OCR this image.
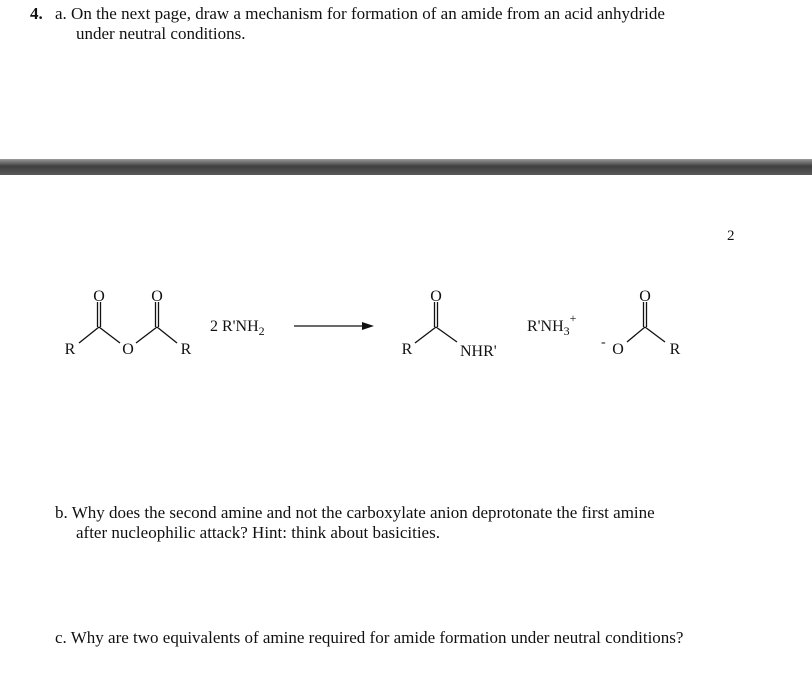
4. a. On the next page, draw a mechanism for formation of an amide from an acid anhydride
under neutral conditions.
2
O	O
O
R	R
2 $R'NH_2$
O
R	NHR'
$R'NH_3^+$
- O
O
R
b. Why does the second amine and not the carboxylate anion deprotonate the first amine
after nucleophilic attack? Hint: think about basicities.
c. Why are two equivalents of amine required for amide formation under neutral conditions?
